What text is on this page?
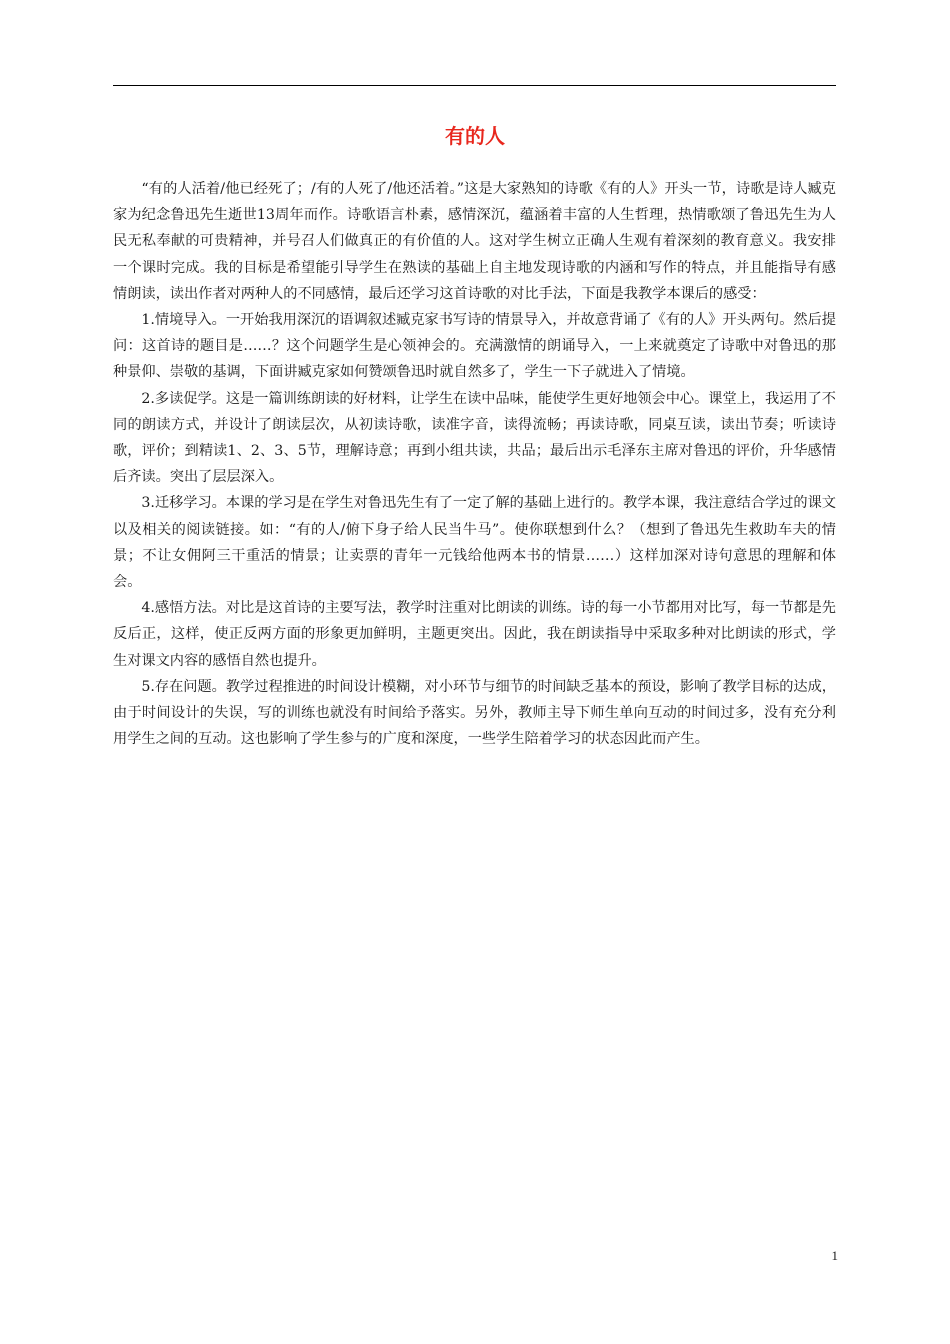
有的人

“有的人活着/他已经死了；/有的人死了/他还活着。”这是大家熟知的诗歌《有的人》开头一节，诗歌是诗人臧克家为纪念鲁迅先生逝世13周年而作。诗歌语言朴素，感情深沉，蕴涵着丰富的人生哲理，热情歌颂了鲁迅先生为人民无私奉献的可贵精神，并号召人们做真正的有价值的人。这对学生树立正确人生观有着深刻的教育意义。我安排一个课时完成。我的目标是希望能引导学生在熟读的基础上自主地发现诗歌的内涵和写作的特点，并且能指导有感情朗读，读出作者对两种人的不同感情，最后还学习这首诗歌的对比手法，下面是我教学本课后的感受：

1.情境导入。一开始我用深沉的语调叙述臧克家书写诗的情景导入，并故意背诵了《有的人》开头两句。然后提问：这首诗的题目是……？这个问题学生是心领神会的。充满激情的朗诵导入，一上来就奠定了诗歌中对鲁迅的那种景仰、崇敬的基调，下面讲臧克家如何赞颂鲁迅时就自然多了，学生一下子就进入了情境。

2.多读促学。这是一篇训练朗读的好材料，让学生在读中品味，能使学生更好地领会中心。课堂上，我运用了不同的朗读方式，并设计了朗读层次，从初读诗歌，读准字音，读得流畅；再读诗歌，同桌互读，读出节奏；听读诗歌，评价；到精读1、2、3、5节，理解诗意；再到小组共读，共品；最后出示毛泽东主席对鲁迅的评价，升华感情后齐读。突出了层层深入。

3.迁移学习。本课的学习是在学生对鲁迅先生有了一定了解的基础上进行的。教学本课，我注意结合学过的课文以及相关的阅读链接。如：“有的人/俯下身子给人民当牛马”。使你联想到什么？（想到了鲁迅先生救助车夫的情景；不让女佣阿三干重活的情景；让卖票的青年一元钱给他两本书的情景……）这样加深对诗句意思的理解和体会。

4.感悟方法。对比是这首诗的主要写法，教学时注重对比朗读的训练。诗的每一小节都用对比写，每一节都是先反后正，这样，使正反两方面的形象更加鲜明，主题更突出。因此，我在朗读指导中采取多种对比朗读的形式，学生对课文内容的感悟自然也提升。

5.存在问题。教学过程推进的时间设计模糊，对小环节与细节的时间缺乏基本的预设，影响了教学目标的达成，由于时间设计的失误，写的训练也就没有时间给予落实。另外，教师主导下师生单向互动的时间过多，没有充分利用学生之间的互动。这也影响了学生参与的广度和深度，一些学生陪着学习的状态因此而产生。

1
